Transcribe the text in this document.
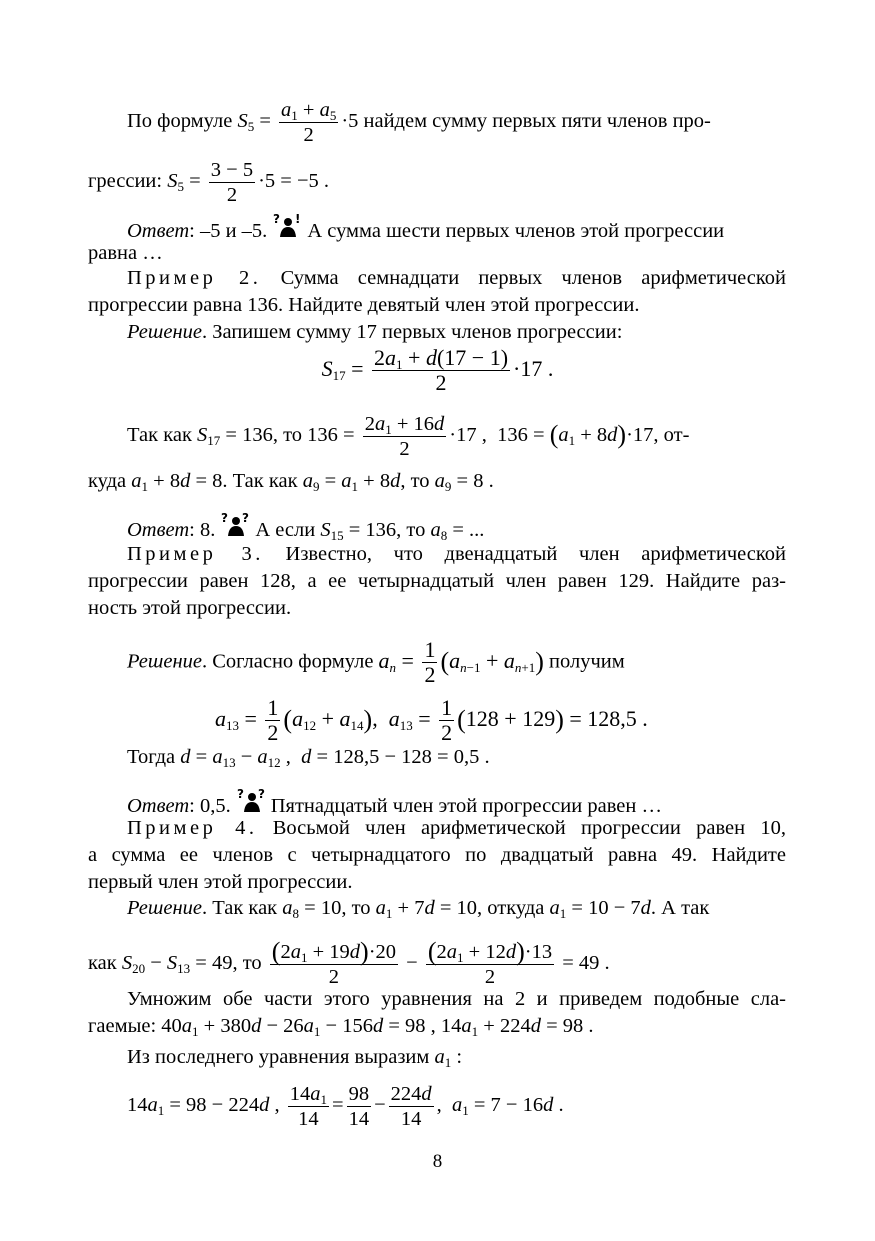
По формуле $S_5 = \frac{a_1 + a_5}{2} \cdot 5$ найдем сумму первых пяти членов про-
грессии: $S_5 = \frac{3 - 5}{2} \cdot 5 = -5$ .
Ответ: –5 и –5.
? !
А сумма шести первых членов этой прогрессии
равна …
Пример 2. Сумма семнадцати первых членов арифметической
прогрессии равна 136. Найдите девятый член этой прогрессии.
Решение. Запишем сумму 17 первых членов прогрессии:
$S_{17} = \frac{2a_1 + d(17 - 1)}{2} \cdot 17$ .
Так как $S_{17} = 136$, то $136 = \frac{2a_1 + 16d}{2} \cdot 17$ ,  $136 = (a_1 + 8d)\cdot 17$, от-
куда $a_1 + 8d = 8$. Так как $a_9 = a_1 + 8d$, то $a_9 = 8$ .
Ответ: 8.
? ?
А если $S_{15} = 136$, то $a_8$ = ...
Пример 3. Известно, что двенадцатый член арифметической
прогрессии равен 128, а ее четырнадцатый член равен 129. Найдите раз-
ность этой прогрессии.
Решение. Согласно формуле $a_n = \frac{1}{2} (a_{n-1} + a_{n+1})$ получим
$a_{13} = \frac{1}{2} (a_{12} + a_{14})$,  $a_{13} = \frac{1}{2} (128 + 129) = 128,5$ .
Тогда $d = a_{13} - a_{12}$ ,  d = 128,5 − 128 = 0,5 .
Ответ: 0,5.
? ?
Пятнадцатый член этой прогрессии равен …
Пример 4. Восьмой член арифметической прогрессии равен 10,
а сумма ее членов с четырнадцатого по двадцатый равна 49. Найдите
первый член этой прогрессии.
Решение. Так как $a_8 = 10$, то $a_1 + 7d = 10$, откуда $a_1 = 10 - 7d$. А так
как $S_{20} - S_{13} = 49$, то $\frac{(2a_1 + 19d)\cdot 20}{2} - \frac{(2a_1 + 12d)\cdot 13}{2} = 49$ .
Умножим обе части этого уравнения на 2 и приведем подобные сла-
гаемые: $40a_1 + 380d - 26a_1 - 156d = 98$ , $14a_1 + 224d = 98$ .
Из последнего уравнения выразим $a_1$ :
$14a_1 = 98 - 224d$ , $\frac{14a_1}{14} = \frac{98}{14} - \frac{224d}{14}$ ,  $a_1 = 7 - 16d$ .
8
